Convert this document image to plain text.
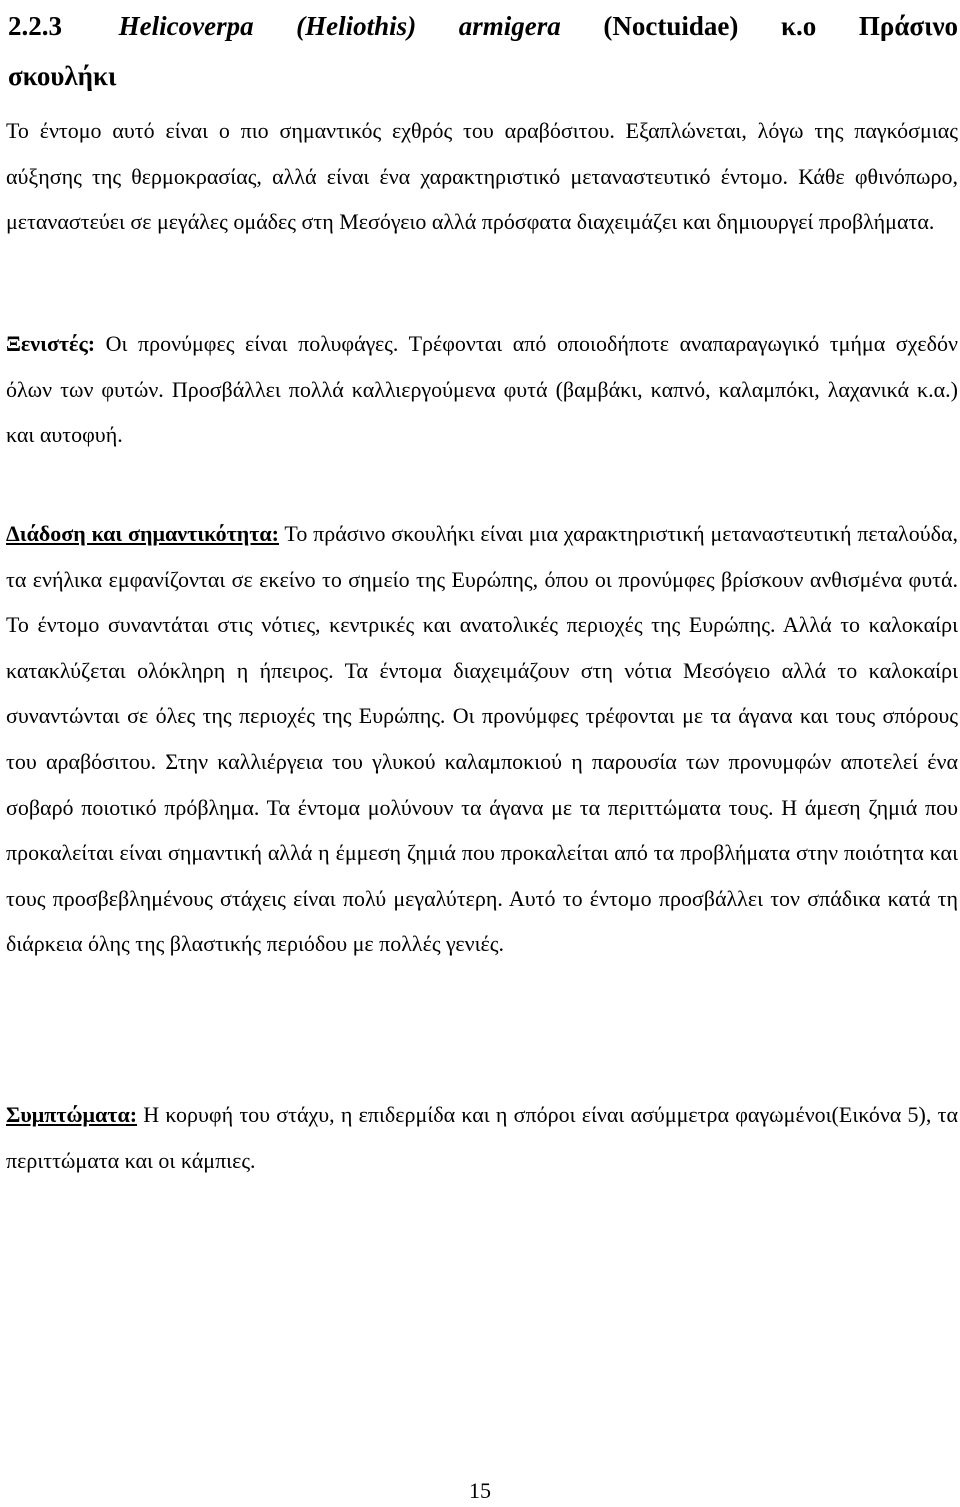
2.2.3 Helicoverpa (Heliothis) armigera (Noctuidae) κ.ο Πράσινο
σκουλήκι

Το έντομο αυτό είναι ο πιο σημαντικός εχθρός του αραβόσιτου. Εξαπλώνεται, λόγω της παγκόσμιας αύξησης της θερμοκρασίας, αλλά είναι ένα χαρακτηριστικό μεταναστευτικό έντομο. Κάθε φθινόπωρο, μεταναστεύει σε μεγάλες ομάδες στη Μεσόγειο αλλά πρόσφατα διαχειμάζει και δημιουργεί προβλήματα.

Ξενιστές: Οι προνύμφες είναι πολυφάγες. Τρέφονται από οποιοδήποτε αναπαραγωγικό τμήμα σχεδόν όλων των φυτών. Προσβάλλει πολλά καλλιεργούμενα φυτά (βαμβάκι, καπνό, καλαμπόκι, λαχανικά κ.α.) και αυτοφυή.

Διάδοση και σημαντικότητα: Το πράσινο σκουλήκι είναι μια χαρακτηριστική μεταναστευτική πεταλούδα, τα ενήλικα εμφανίζονται σε εκείνο το σημείο της Ευρώπης, όπου οι προνύμφες βρίσκουν ανθισμένα φυτά. Το έντομο συναντάται στις νότιες, κεντρικές και ανατολικές περιοχές της Ευρώπης. Αλλά το καλοκαίρι κατακλύζεται ολόκληρη η ήπειρος. Τα έντομα διαχειμάζουν στη νότια Μεσόγειο αλλά το καλοκαίρι συναντώνται σε όλες της περιοχές της Ευρώπης. Οι προνύμφες τρέφονται με τα άγανα και τους σπόρους του αραβόσιτου. Στην καλλιέργεια του γλυκού καλαμποκιού η παρουσία των προνυμφών αποτελεί ένα σοβαρό ποιοτικό πρόβλημα. Τα έντομα μολύνουν τα άγανα με τα περιττώματα τους. Η άμεση ζημιά που προκαλείται είναι σημαντική αλλά η έμμεση ζημιά που προκαλείται από τα προβλήματα στην ποιότητα και τους προσβεβλημένους στάχεις είναι πολύ μεγαλύτερη. Αυτό το έντομο προσβάλλει τον σπάδικα κατά τη διάρκεια όλης της βλαστικής περιόδου με πολλές γενιές.

Συμπτώματα: Η κορυφή του στάχυ, η επιδερμίδα και η σπόροι είναι ασύμμετρα φαγωμένοι(Εικόνα 5), τα περιττώματα και οι κάμπιες.

15
